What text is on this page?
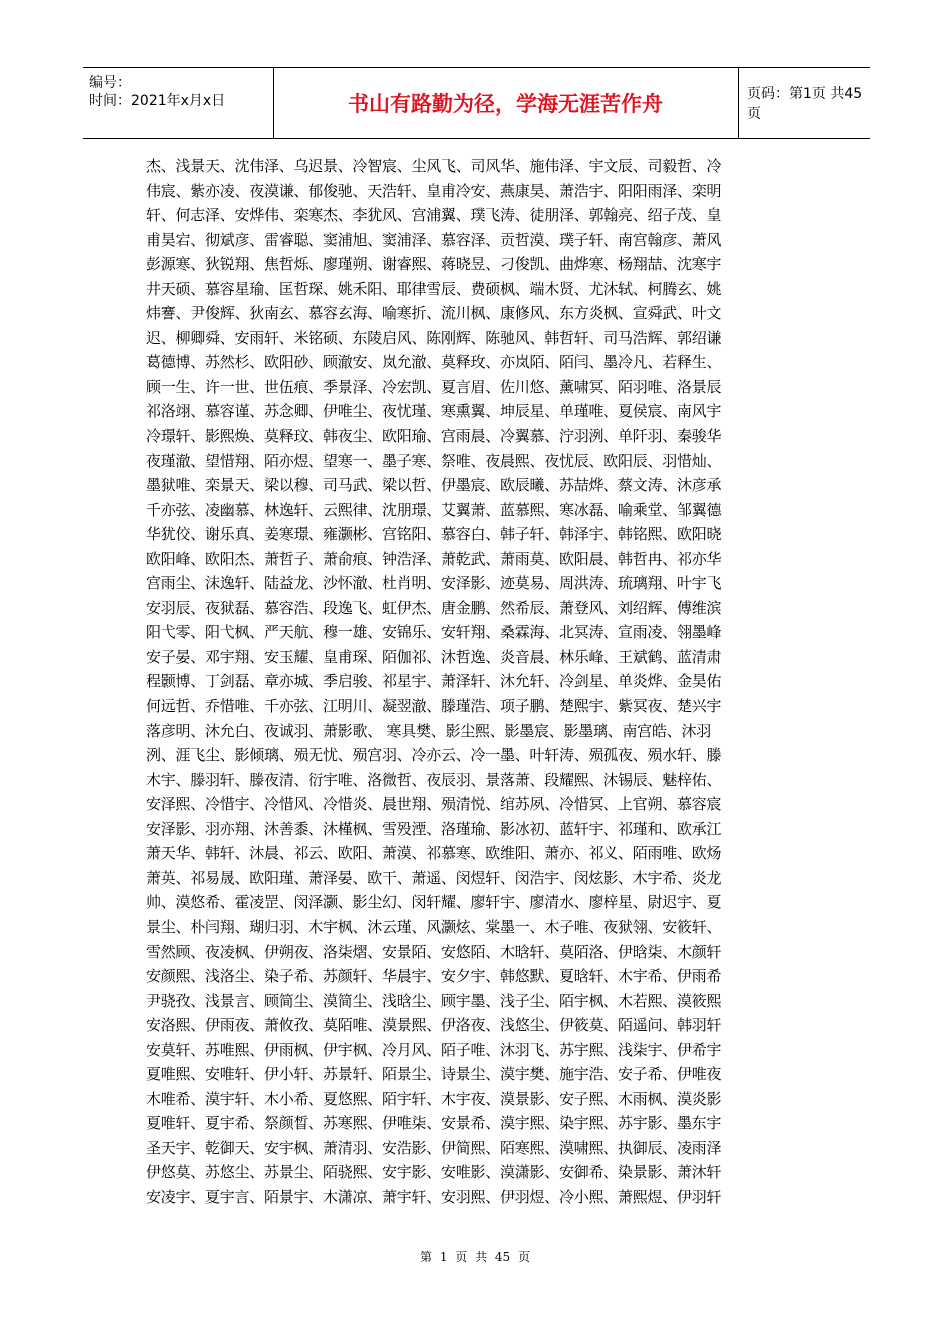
编号：
时间：2021年x月x日	书山有路勤为径，学海无涯苦作舟	页码：第1页 共45页
杰、浅景天、沈伟泽、乌迟景、冷智宸、尘风飞、司风华、施伟泽、宇文辰、司毅哲、冷
伟宸、紫亦凌、夜漠谦、郁俊驰、天浩轩、皇甫冷安、燕康昊、萧浩宇、阳阳雨泽、栾明
轩、何志泽、安烨伟、栾寒杰、李犹风、宫浦翼、璞飞涛、徒朋泽、郭翰亮、绍子茂、皇
甫昊宕、彻斌彦、雷睿聪、窦浦旭、窦浦泽、慕容泽、贡哲漠、璞子轩、南宫翰彦、萧风
彭源寒、狄锐翔、焦哲烁、廖瑾朔、谢睿熙、蒋晓昱、刁俊凯、曲烨寒、杨翔喆、沈寒宇
井天硕、慕容星瑜、匡哲琛、姚禾阳、耶律雪辰、费硕枫、端木贤、尤沐轼、柯腾玄、姚
炜謇、尹俊辉、狄南玄、慕容玄海、喻寒折、流川枫、康修风、东方炎枫、宣舜武、叶文
迟、柳卿舜、安雨轩、米铭硕、东陵启风、陈刚辉、陈驰风、韩哲轩、司马浩辉、郭绍谦
葛德博、苏然杉、欧阳砂、顾澈安、岚允澈、莫释玫、亦岚陌、陌闫、墨冷凡、若释生、
顾一生、许一世、世伍痕、季景泽、冷宏凯、夏言眉、佐川悠、薰啸冥、陌羽唯、洛景辰
祁洛翊、慕容谨、苏念卿、伊唯尘、夜忧瑾、寒熏翼、坤辰星、单瑾唯、夏侯宸、南风宇
冷璟轩、影熙焕、莫释玟、韩夜尘、欧阳瑜、宫雨晨、冷翼慕、泞羽洌、单阡羽、秦骏华
夜瑾澈、望惜翔、陌亦煜、望寒一、墨子寒、祭唯、夜晨熙、夜忧辰、欧阳辰、羽惜灿、
墨狱唯、栾景天、梁以穆、司马武、梁以哲、伊墨宸、欧辰曦、苏喆烨、蔡文涛、沐彦承
千亦弦、凌幽慕、林逸轩、云熙律、沈朋璟、艾翼萧、蓝慕熙、寒冰磊、喻乘堂、邹翼德
华犹佼、谢乐真、姜寒璟、雍灏彬、宫铭阳、慕容白、韩子轩、韩泽宇、韩铭熙、欧阳晓
欧阳峰、欧阳杰、萧哲子、萧俞痕、钟浩泽、萧乾武、萧雨莫、欧阳晨、韩哲冉、祁亦华
宫雨尘、沫逸轩、陆益龙、沙怀澈、杜肖明、安泽影、迹莫易、周洪涛、琉璃翔、叶宇飞
安羽辰、夜狱磊、慕容浩、段逸飞、虹伊杰、唐金鹏、然希辰、萧登风、刘绍辉、傅维滨
阳弋零、阳弋枫、严天航、穆一雄、安锦乐、安轩翔、桑霖海、北冥涛、宣雨凌、翎墨峰
安子晏、邓宇翔、安玉耀、皇甫琛、陌伽祁、沐哲逸、炎音晨、林乐峰、王斌鹤、蓝清肃
程颢博、丁剑磊、章亦城、季启骏、祁星宇、萧泽轩、沐允轩、冷剑星、单炎烨、金昊佑
何远哲、乔惜唯、千亦弦、江明川、凝翌澈、滕瑾浩、项子鹏、楚熙宇、紫冥夜、楚兴宇
落彦明、沐允白、夜诚羽、萧影歌、 寒具樊、影尘熙、影墨宸、影墨璃、南宫皓、沐羽
洌、涯飞尘、影倾璃、殒无忧、殒宫羽、冷亦云、冷一墨、叶轩涛、殒孤夜、殒水轩、滕
木宇、滕羽轩、滕夜清、衍宇唯、洛微哲、夜辰羽、景落萧、段耀熙、沐锡辰、魅梓佑、
安泽熙、冷惜宇、冷惜风、冷惜炎、晨世翔、殒清悦、绾苏夙、冷惜冥、上官朔、慕容宸
安泽影、羽亦翔、沐善黍、沐槿枫、雪殁湮、洛瑾瑜、影冰初、蓝轩宇、祁瑾和、欧承江
萧天华、韩轩、沐晨、祁云、欧阳、萧漠、祁慕寒、欧维阳、萧亦、祁义、陌雨唯、欧炀
萧英、祁易晟、欧阳瑾、萧泽晏、欧干、萧遥、闵煜轩、闵浩宇、闵炫影、木宇希、炎龙
帅、漠悠希、霍凌罡、闵泽灏、影尘幻、闵轩耀、廖轩宇、廖清水、廖梓星、尉迟宇、夏
景尘、朴闫翔、瑚归羽、木宇枫、沐云瑾、风灏炫、棠墨一、木子唯、夜狱翎、安筱轩、
雪然顾、夜凌枫、伊朔夜、洛柒熠、安景陌、安悠陌、木晗轩、莫陌洛、伊晗柒、木颜轩
安颜熙、浅洛尘、染子希、苏颜轩、华晨宇、安夕宇、韩悠默、夏晗轩、木宇希、伊雨希
尹骁孜、浅景言、顾简尘、漠简尘、浅晗尘、顾宇墨、浅子尘、陌宇枫、木若熙、漠筱熙
安洛熙、伊雨夜、萧攸孜、莫陌唯、漠景熙、伊洛夜、浅悠尘、伊筱莫、陌遥问、韩羽轩
安莫轩、苏唯熙、伊雨枫、伊宇枫、冷月风、陌子唯、沐羽飞、苏宇熙、浅柒宇、伊希宇
夏唯熙、安唯轩、伊小轩、苏景轩、陌景尘、诗景尘、漠宇樊、施宇浩、安子希、伊唯夜
木唯希、漠宇轩、木小希、夏悠熙、陌宇轩、木宇夜、漠景影、安子熙、木雨枫、漠炎影
夏唯轩、夏宇希、祭颜晳、苏寒熙、伊唯柒、安景希、漠宇熙、染宇熙、苏宇影、墨东宇
圣天宇、乾御天、安宇枫、萧清羽、安浩影、伊简熙、陌寒熙、漠啸熙、执御辰、凌雨泽
伊悠莫、苏悠尘、苏景尘、陌骁熙、安宇影、安唯影、漠潇影、安御希、染景影、萧沐轩
安凌宇、夏宇言、陌景宇、木潇凉、萧宇轩、安羽熙、伊羽煜、冷小熙、萧熙煜、伊羽轩
第 1 页 共 45 页
